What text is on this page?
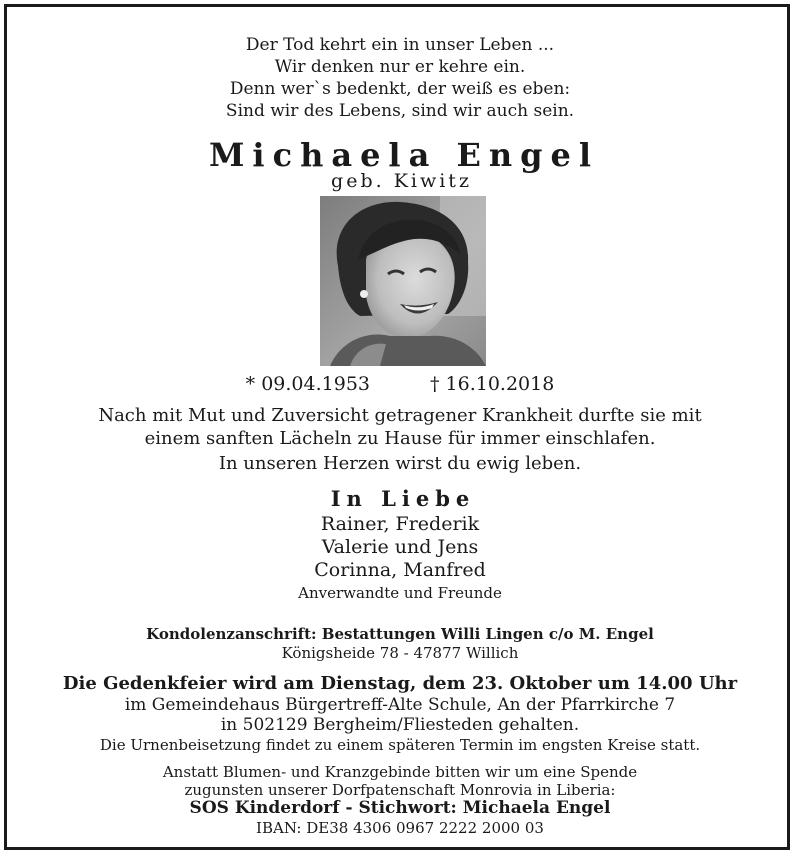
Der Tod kehrt ein in unser Leben ...
Wir denken nur er kehre ein.
Denn wer`s bedenkt, der weiß es eben:
Sind wir des Lebens, sind wir auch sein.
Michaela Engel
geb. Kiwitz
* 09.04.1953	† 16.10.2018
Nach mit Mut und Zuversicht getragener Krankheit durfte sie mit
einem sanften Lächeln zu Hause für immer einschlafen.
In unseren Herzen wirst du ewig leben.
In Liebe
Rainer, Frederik
Valerie und Jens
Corinna, Manfred
Anverwandte und Freunde
Kondolenzanschrift: Bestattungen Willi Lingen c/o M. Engel
Königsheide 78 - 47877 Willich
Die Gedenkfeier wird am Dienstag, dem 23. Oktober um 14.00 Uhr
im Gemeindehaus Bürgertreff-Alte Schule, An der Pfarrkirche 7
in 502129 Bergheim/Fliesteden gehalten.
Die Urnenbeisetzung findet zu einem späteren Termin im engsten Kreise statt.
Anstatt Blumen- und Kranzgebinde bitten wir um eine Spende
zugunsten unserer Dorfpatenschaft Monrovia in Liberia:
SOS Kinderdorf - Stichwort: Michaela Engel
IBAN: DE38 4306 0967 2222 2000 03
